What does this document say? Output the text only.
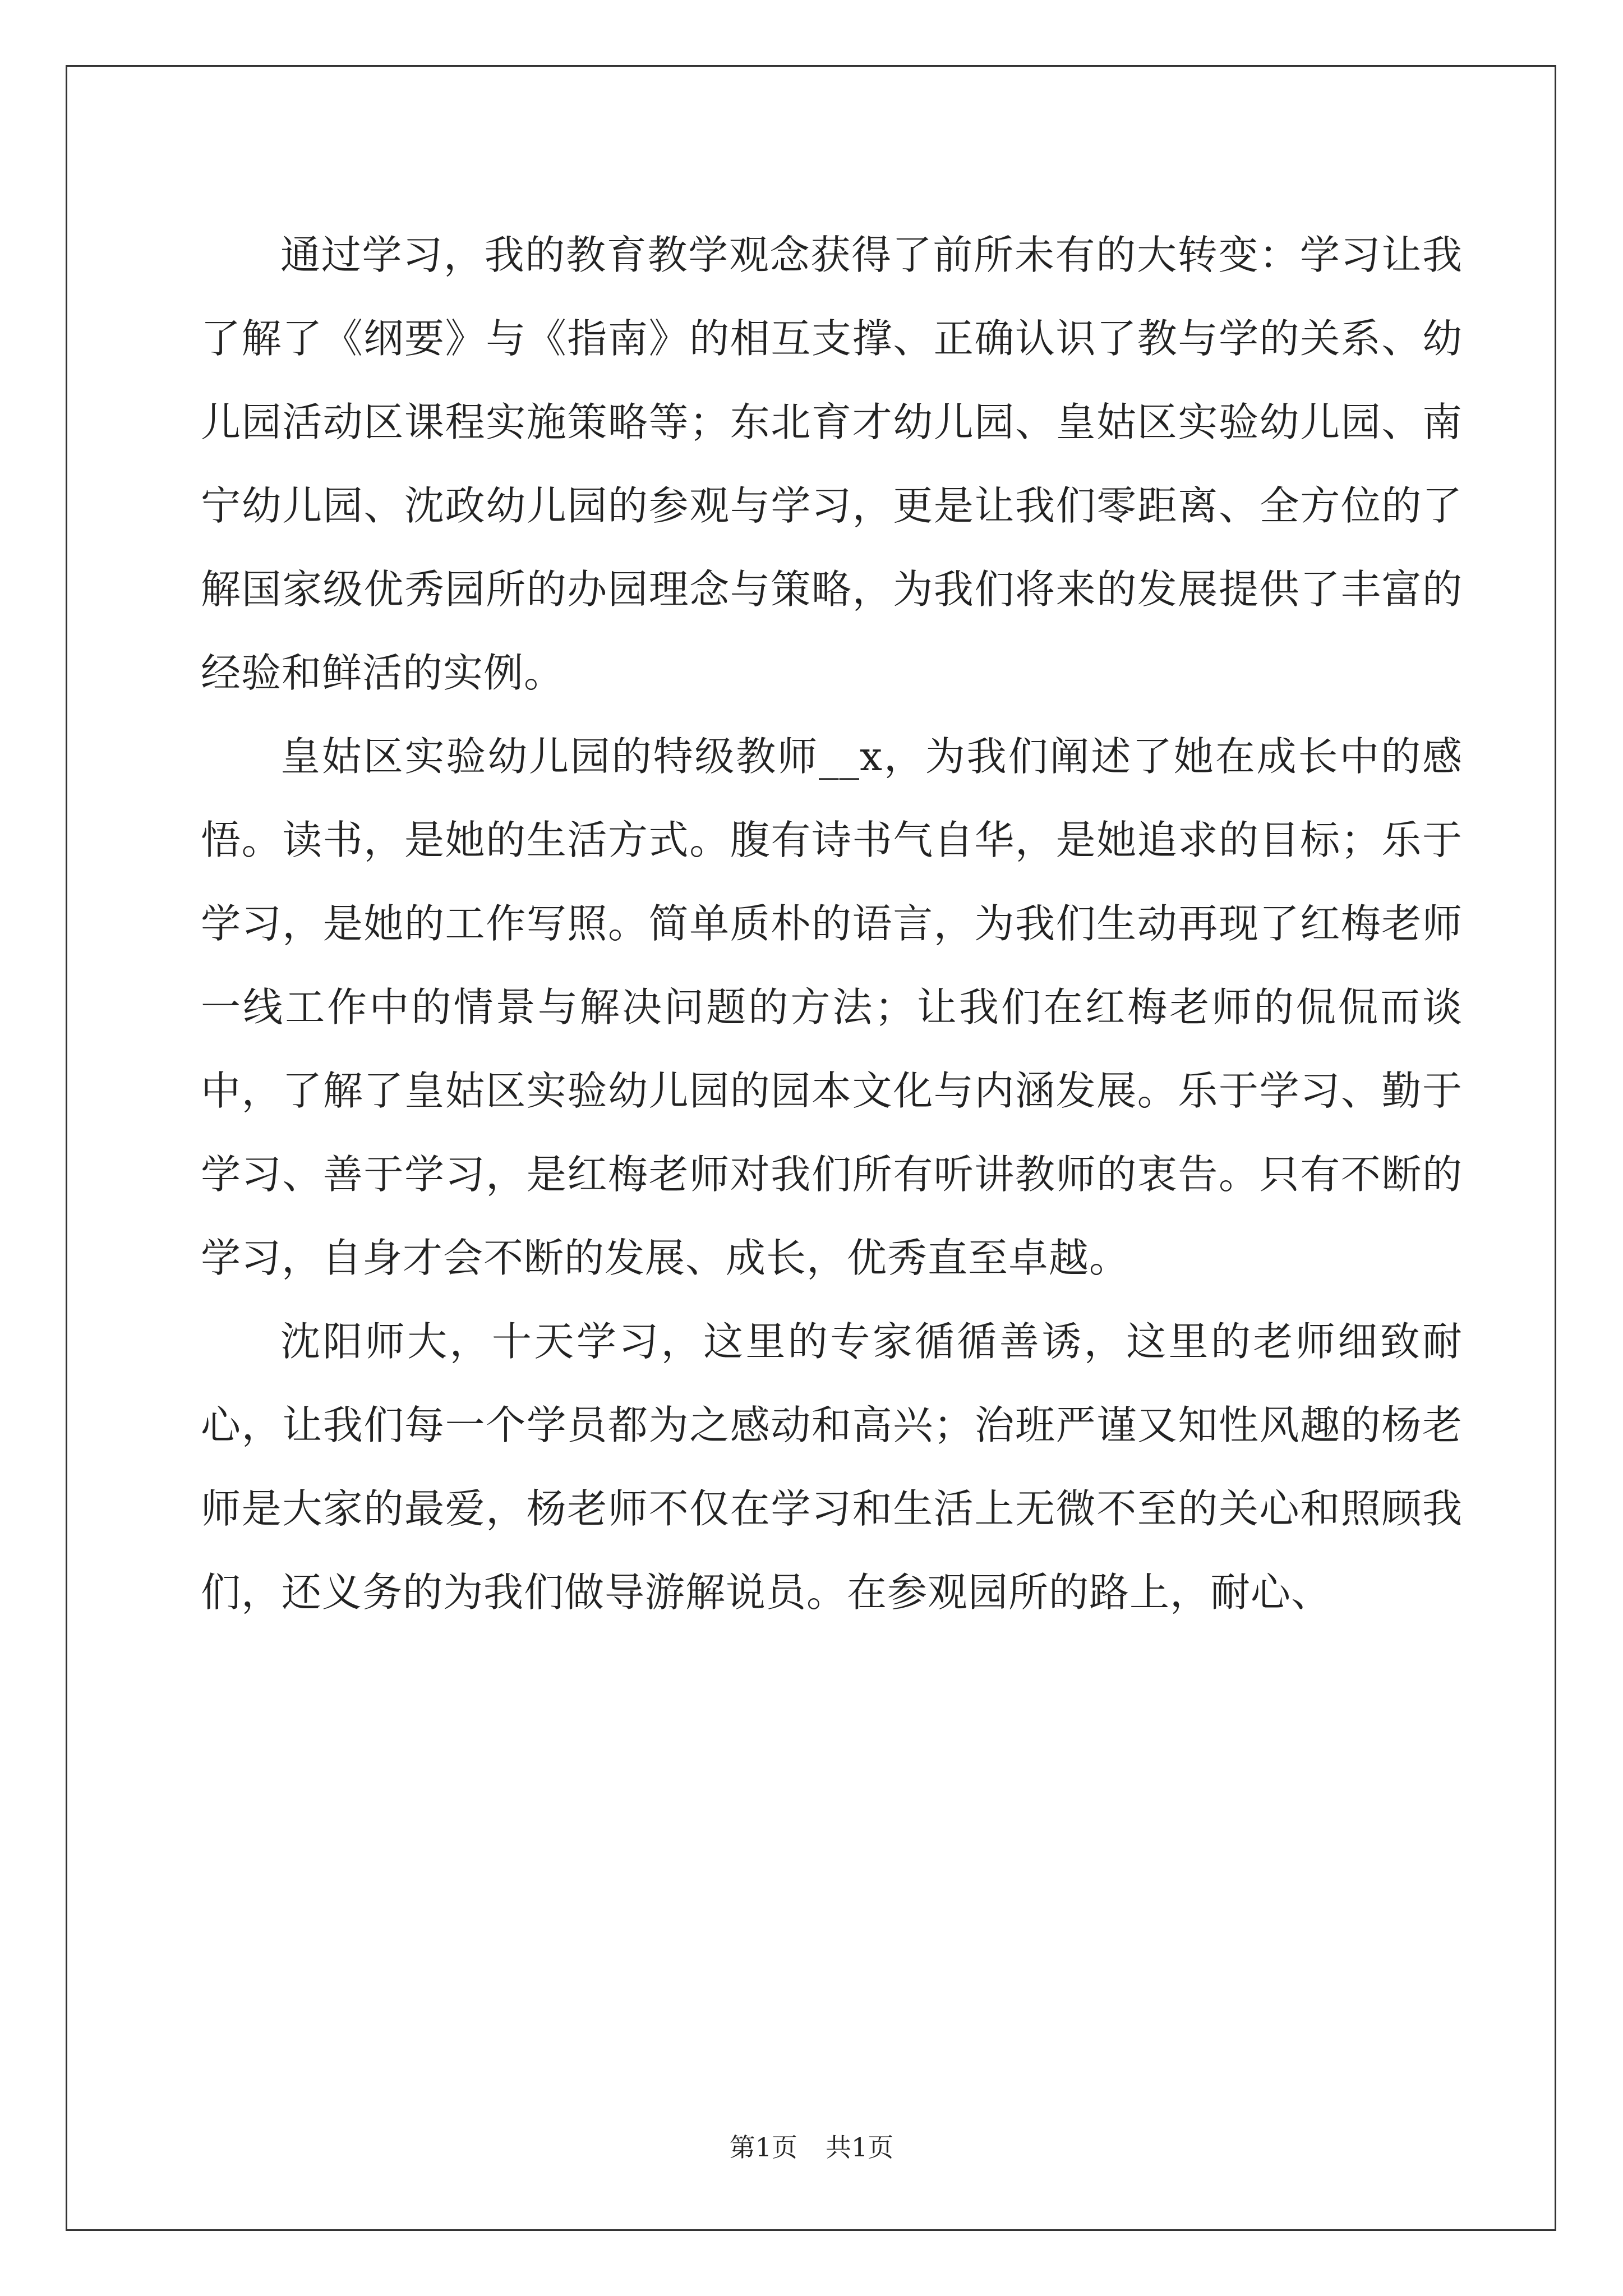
通过学习，我的教育教学观念获得了前所未有的大转变：学习让我了解了《纲要》与《指南》的相互支撑、正确认识了教与学的关系、幼儿园活动区课程实施策略等；东北育才幼儿园、皇姑区实验幼儿园、南宁幼儿园、沈政幼儿园的参观与学习，更是让我们零距离、全方位的了解国家级优秀园所的办园理念与策略，为我们将来的发展提供了丰富的经验和鲜活的实例。

皇姑区实验幼儿园的特级教师__x，为我们阐述了她在成长中的感悟。读书，是她的生活方式。腹有诗书气自华，是她追求的目标；乐于学习，是她的工作写照。简单质朴的语言，为我们生动再现了红梅老师一线工作中的情景与解决问题的方法；让我们在红梅老师的侃侃而谈中，了解了皇姑区实验幼儿园的园本文化与内涵发展。乐于学习、勤于学习、善于学习，是红梅老师对我们所有听讲教师的衷告。只有不断的学习，自身才会不断的发展、成长，优秀直至卓越。

沈阳师大，十天学习，这里的专家循循善诱，这里的老师细致耐心，让我们每一个学员都为之感动和高兴；治班严谨又知性风趣的杨老师是大家的最爱，杨老师不仅在学习和生活上无微不至的关心和照顾我们，还义务的为我们做导游解说员。在参观园所的路上，耐心、

第1页 共1页
